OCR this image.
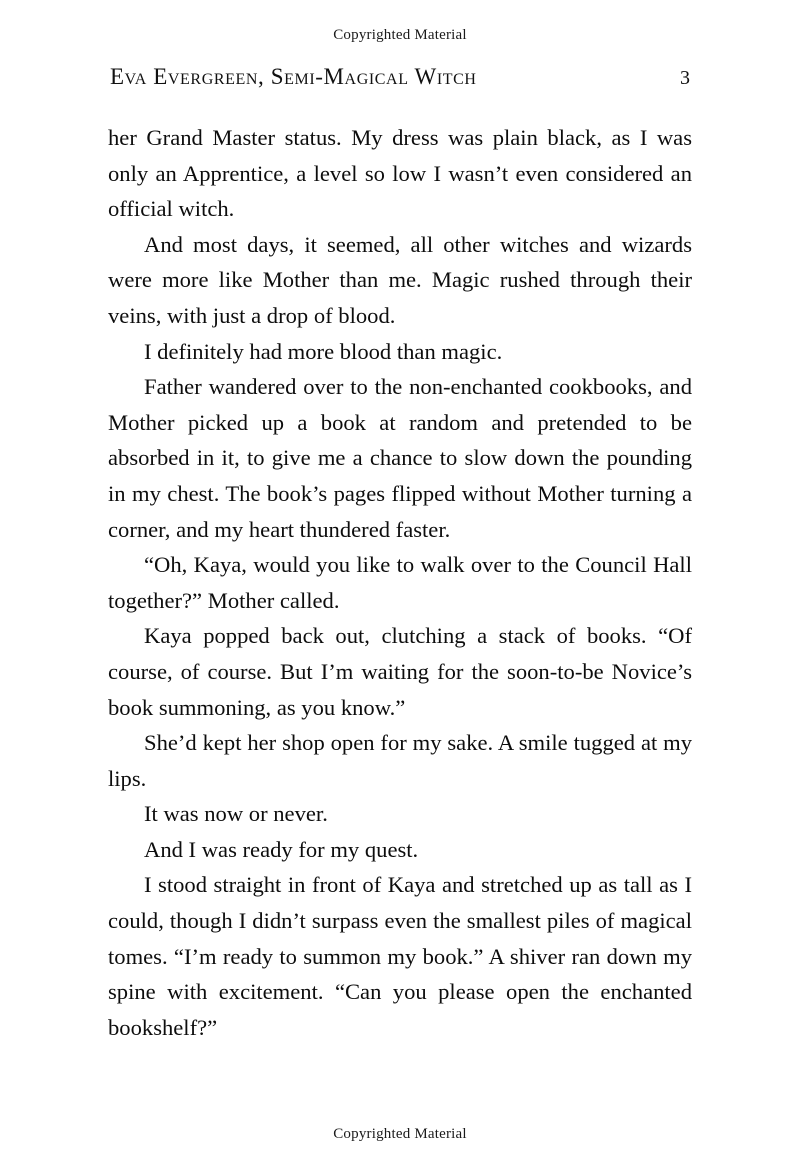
Copyrighted Material
Eva Evergreen, Semi-Magical Witch	3

her Grand Master status. My dress was plain black, as I was only an Apprentice, a level so low I wasn’t even considered an official witch.

And most days, it seemed, all other witches and wizards were more like Mother than me. Magic rushed through their veins, with just a drop of blood.

I definitely had more blood than magic.

Father wandered over to the non-enchanted cookbooks, and Mother picked up a book at random and pretended to be absorbed in it, to give me a chance to slow down the pounding in my chest. The book’s pages flipped without Mother turning a corner, and my heart thundered faster.

“Oh, Kaya, would you like to walk over to the Council Hall together?” Mother called.

Kaya popped back out, clutching a stack of books. “Of course, of course. But I’m waiting for the soon-to-be Novice’s book summoning, as you know.”

She’d kept her shop open for my sake. A smile tugged at my lips.

It was now or never.

And I was ready for my quest.

I stood straight in front of Kaya and stretched up as tall as I could, though I didn’t surpass even the smallest piles of magical tomes. “I’m ready to summon my book.” A shiver ran down my spine with excitement. “Can you please open the enchanted bookshelf?”

Copyrighted Material
